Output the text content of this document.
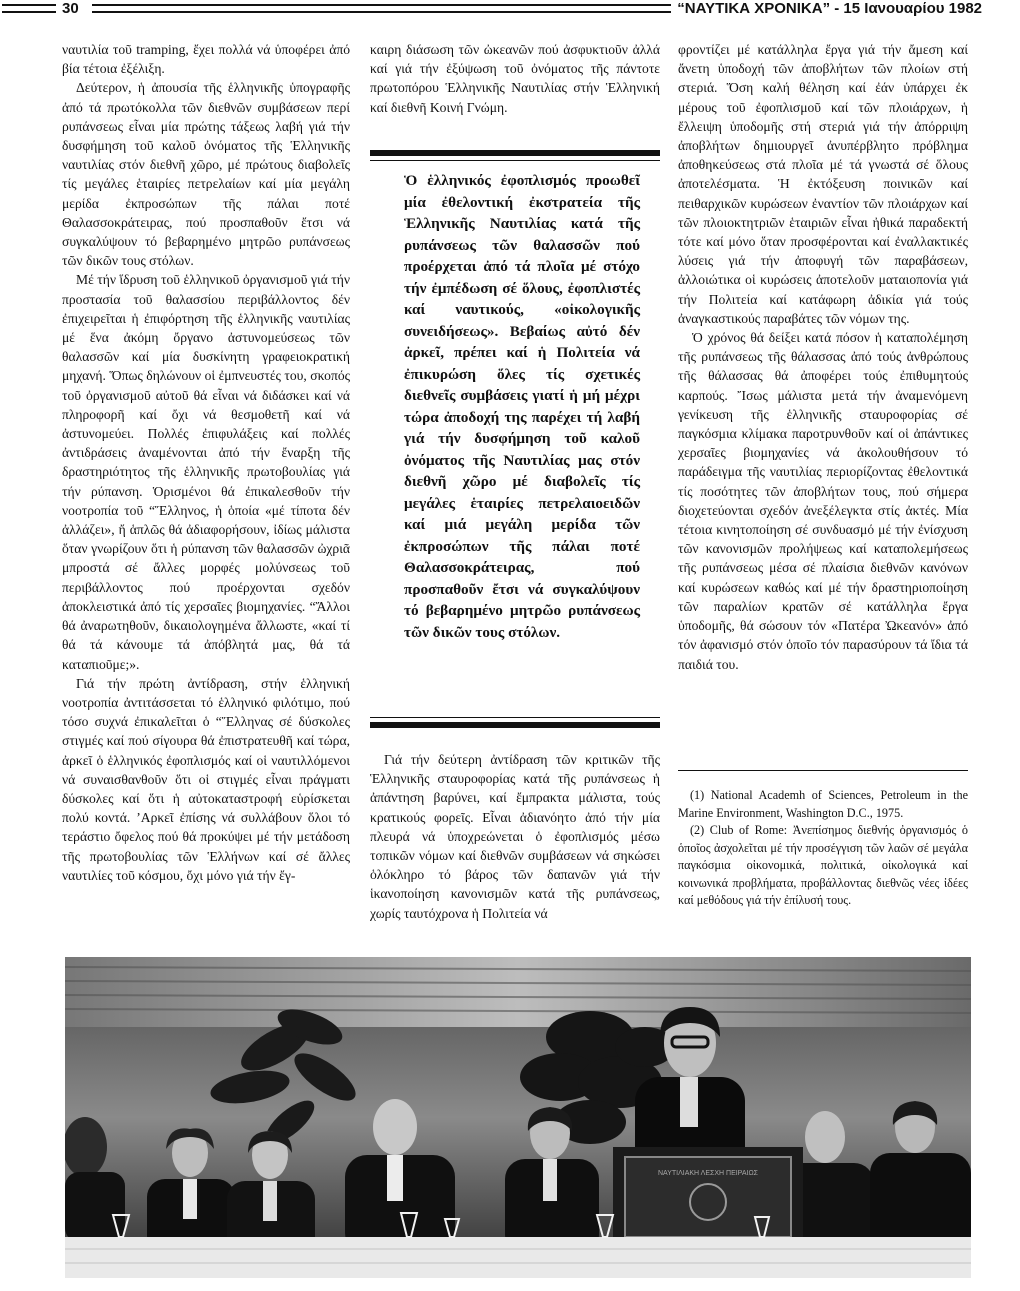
30	“ΝΑΥΤΙΚΑ ΧΡΟΝΙΚΑ” - 15 Ιανουαρίου 1982

ναυτιλία τοῦ tramping, ἔχει πολλά νά ὑποφέρει ἀπό βία τέτοια ἐξέλιξη.

Δεύτερον, ἡ ἀπουσία τῆς ἑλληνικῆς ὑπογραφῆς ἀπό τά πρωτόκολλα τῶν διεθνῶν συμβάσεων περί ρυπάνσεως εἶναι μία πρώτης τάξεως λαβή γιά τήν δυσφήμηση τοῦ καλοῦ ὀνόματος τῆς Ἑλληνικῆς ναυτιλίας στόν διεθνῆ χῶρο, μέ πρώτους διαβολεῖς τίς μεγάλες ἑταιρίες πετρελαίων καί μία μεγάλη μερίδα ἐκπροσώπων τῆς πάλαι ποτέ Θαλασσοκράτειρας, πού προσπαθοῦν ἔτσι νά συγκαλύψουν τό βεβαρημένο μητρῶο ρυπάνσεως τῶν δικῶν τους στόλων.

Μέ τήν ἵδρυση τοῦ ἑλληνικοῦ ὀργανισμοῦ γιά τήν προστασία τοῦ θαλασσίου περιβάλλοντος δέν ἐπιχειρεῖται ἡ ἐπιφόρτηση τῆς ἑλληνικῆς ναυτιλίας μέ ἕνα ἀκόμη ὄργανο ἀστυνομεύσεως τῶν θαλασσῶν καί μία δυσκίνητη γραφειοκρατική μηχανή. Ὅπως δηλώνουν οἱ ἐμπνευστές του, σκοπός τοῦ ὀργανισμοῦ αὐτοῦ θά εἶναι νά διδάσκει καί νά πληροφορῆ καί ὄχι νά θεσμοθετῆ καί νά ἀστυνομεύει. Πολλές ἐπιφυλάξεις καί πολλές ἀντιδράσεις ἀναμένονται ἀπό τήν ἔναρξη τῆς δραστηριότητος τῆς ἑλληνικῆς πρωτοβουλίας γιά τήν ρύπανση. Ὁρισμένοι θά ἐπικαλεσθοῦν τήν νοοτροπία τοῦ “Ἕλληνος, ἡ ὁποία «μέ τίποτα δέν ἀλλάζει», ἤ ἁπλῶς θά ἀδιαφορήσουν, ἰδίως μάλιστα ὅταν γνωρίζουν ὅτι ἡ ρύπανση τῶν θαλασσῶν ὠχριᾶ μπροστά σέ ἄλλες μορφές μολύνσεως τοῦ περιβάλλοντος πού προέρχονται σχεδόν ἀποκλειστικά ἀπό τίς χερσαῖες βιομηχανίες. “Ἄλλοι θά ἀναρωτηθοῦν, δικαιολογημένα ἄλλωστε, «καί τί θά τά κάνουμε τά ἀπόβλητά μας, θά τά καταπιοῦμε;».

Γιά τήν πρώτη ἀντίδραση, στήν ἑλληνική νοοτροπία ἀντιτάσσεται τό ἑλληνικό φιλότιμο, πού τόσο συχνά ἐπικαλεῖται ὁ “Ἕλληνας σέ δύσκολες στιγμές καί πού σίγουρα θά ἐπιστρατευθῆ καί τώρα, ἀρκεῖ ὁ ἑλληνικός ἐφοπλισμός καί οἱ ναυτιλλόμενοι νά συναισθανθοῦν ὅτι οἱ στιγμές εἶναι πράγματι δύσκολες καί ὅτι ἡ αὐτοκαταστροφή εὑρίσκεται πολύ κοντά. ’Αρκεῖ ἐπίσης νά συλλάβουν ὅλοι τό τεράστιο ὄφελος πού θά προκύψει μέ τήν μετάδοση τῆς πρωτοβουλίας τῶν Ἑλλήνων καί σέ ἄλλες ναυτιλίες τοῦ κόσμου, ὄχι μόνο γιά τήν ἔγ-

καιρη διάσωση τῶν ὠκεανῶν πού ἀσφυκτιοῦν ἀλλά καί γιά τήν ἐξύψωση τοῦ ὀνόματος τῆς πάντοτε πρωτοπόρου Ἑλληνικῆς Ναυτιλίας στήν Ἑλληνική καί διεθνῆ Κοινή Γνώμη.

Ὁ ἑλληνικός ἐφοπλισμός προωθεῖ μία ἐθελοντική ἐκστρατεία τῆς Ἑλληνικῆς Ναυτιλίας κατά τῆς ρυπάνσεως τῶν θαλασσῶν πού προέρχεται ἀπό τά πλοῖα μέ στόχο τήν ἐμπέδωση σέ ὅλους, ἐφοπλιστές καί ναυτικούς, «οἰκολογικῆς συνειδήσεως». Βεβαίως αὐτό δέν ἀρκεῖ, πρέπει καί ἡ Πολιτεία νά ἐπικυρώση ὅλες τίς σχετικές διεθνεῖς συμβάσεις γιατί ἡ μή μέχρι τώρα ἀποδοχή της παρέχει τή λαβή γιά τήν δυσφήμηση τοῦ καλοῦ ὀνόματος τῆς Ναυτιλίας μας στόν διεθνῆ χῶρο μέ διαβολεῖς τίς μεγάλες ἑταιρίες πετρελαιοειδῶν καί μιά μεγάλη μερίδα τῶν ἐκπροσώπων τῆς πάλαι ποτέ Θαλασσοκράτειρας, πού προσπαθοῦν ἔτσι νά συγκαλύψουν τό βεβαρημένο μητρῶο ρυπάνσεως τῶν δικῶν τους στόλων.

Γιά τήν δεύτερη ἀντίδραση τῶν κριτικῶν τῆς Ἑλληνικῆς σταυροφορίας κατά τῆς ρυπάνσεως ἡ ἀπάντηση βαρύνει, καί ἔμπρακτα μάλιστα, τούς κρατικούς φορεῖς. Εἶναι ἀδιανόητο ἀπό τήν μία πλευρά νά ὑποχρεώνεται ὁ ἐφοπλισμός μέσω τοπικῶν νόμων καί διεθνῶν συμβάσεων νά σηκώσει ὁλόκληρο τό βάρος τῶν δαπανῶν γιά τήν ἱκανοποίηση κανονισμῶν κατά τῆς ρυπάνσεως, χωρίς ταυτόχρονα ἡ Πολιτεία νά

φροντίζει μέ κατάλληλα ἔργα γιά τήν ἄμεση καί ἄνετη ὑποδοχή τῶν ἀποβλήτων τῶν πλοίων στή στεριά. Ὅση καλή θέληση καί ἐάν ὑπάρχει ἐκ μέρους τοῦ ἐφοπλισμοῦ καί τῶν πλοιάρχων, ἡ ἔλλειψη ὑποδομῆς στή στεριά γιά τήν ἀπόρριψη ἀποβλήτων δημιουργεῖ ἀνυπέρβλητο πρόβλημα ἀποθηκεύσεως στά πλοῖα μέ τά γνωστά σέ ὅλους ἀποτελέσματα. Ἡ ἐκτόξευση ποινικῶν καί πειθαρχικῶν κυρώσεων ἐναντίον τῶν πλοιάρχων καί τῶν πλοιοκτητριῶν ἑταιριῶν εἶναι ἠθικά παραδεκτή τότε καί μόνο ὅταν προσφέρονται καί ἐναλλακτικές λύσεις γιά τήν ἀποφυγή τῶν παραβάσεων, ἀλλοιώτικα οἱ κυρώσεις ἀποτελοῦν ματαιοπονία γιά τήν Πολιτεία καί κατάφωρη ἀδικία γιά τούς ἀναγκαστικούς παραβάτες τῶν νόμων της.

Ὁ χρόνος θά δείξει κατά πόσον ἡ καταπολέμηση τῆς ρυπάνσεως τῆς θάλασσας ἀπό τούς ἀνθρώπους τῆς θάλασσας θά ἀποφέρει τούς ἐπιθυμητούς καρπούς. Ἴσως μάλιστα μετά τήν ἀναμενόμενη γενίκευση τῆς ἑλληνικῆς σταυροφορίας σέ παγκόσμια κλίμακα παροτρυνθοῦν καί οἱ ἀπάντικες χερσαῖες βιομηχανίες νά ἀκολουθήσουν τό παράδειγμα τῆς ναυτιλίας περιορίζοντας ἐθελοντικά τίς ποσότητες τῶν ἀποβλήτων τους, πού σήμερα διοχετεύονται σχεδόν ἀνεξέλεγκτα στίς ἀκτές. Μία τέτοια κινητοποίηση σέ συνδυασμό μέ τήν ἐνίσχυση τῶν κανονισμῶν προλήψεως καί καταπολεμήσεως τῆς ρυπάνσεως μέσα σέ πλαίσια διεθνῶν κανόνων καί κυρώσεων καθώς καί μέ τήν δραστηριοποίηση τῶν παραλίων κρατῶν σέ κατάλληλα ἔργα ὑποδομῆς, θά σώσουν τόν «Πατέρα Ὠκεανόν» ἀπό τόν ἀφανισμό στόν ὁποῖο τόν παρασύρουν τά ἴδια τά παιδιά του.

(1) National Academh of Sciences, Petroleum in the Marine Environment, Washington D.C., 1975.

(2) Club of Rome: Ἀνεπίσημος διεθνής ὀργανισμός ὁ ὁποῖος ἀσχολεῖται μέ τήν προσέγγιση τῶν λαῶν σέ μεγάλα παγκόσμια οἰκονομικά, πολιτικά, οἰκολογικά καί κοινωνικά προβλήματα, προβάλλοντας διεθνῶς νέες ἰδέες καί μεθόδους γιά τήν ἐπίλυσή τους.

ΝΑΥΤΙΛΙΑΚΗ ΛΕΣΧΗ ΠΕΙΡΑΙΩΣ
